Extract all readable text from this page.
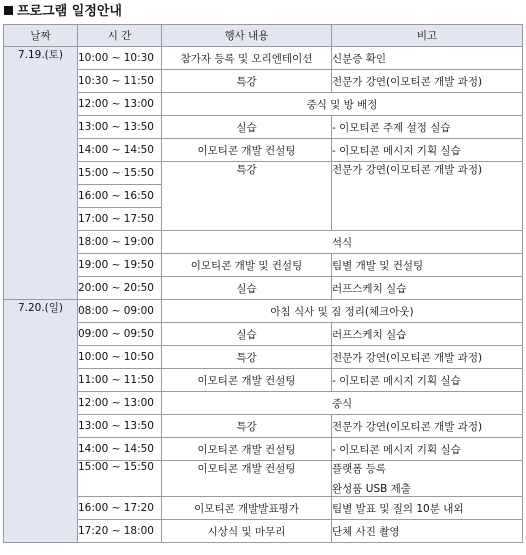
프로그램 일정안내
날짜	시 간	행사 내용	비고
7.19.(토)	10:00 ~ 10:30	참가자 등록 및 오리엔테이션	신분증 확인
	10:30 ~ 11:50	특강	전문가 강연(이모티콘 개발 과정)
	12:00 ~ 13:00	중식 및 방 배정	
	13:00 ~ 13:50	실습	- 이모티콘 주제 설정 실습
	14:00 ~ 14:50	이모티콘 개발 컨설팅	- 이모티콘 메시지 기획 실습
	15:00 ~ 15:50	특강	전문가 강연(이모티콘 개발 과정)
	16:00 ~ 16:50		
	17:00 ~ 17:50		
	18:00 ~ 19:00	석식	
	19:00 ~ 19:50	이모티콘 개발 및 컨설팅	팀별 개발 및 컨설팅
	20:00 ~ 20:50	실습	러프스케치 실습
7.20.(일)	08:00 ~ 09:00	아침 식사 및 짐 정리(체크아웃)	
	09:00 ~ 09:50	실습	러프스케치 실습
	10:00 ~ 10:50	특강	전문가 강연(이모티콘 개발 과정)
	11:00 ~ 11:50	이모티콘 개발 컨설팅	- 이모티콘 메시지 기획 실습
	12:00 ~ 13:00	중식	
	13:00 ~ 13:50	특강	전문가 강연(이모티콘 개발 과정)
	14:00 ~ 14:50	이모티콘 개발 컨설팅	- 이모티콘 메시지 기획 실습
	15:00 ~ 15:50	이모티콘 개발 컨설팅	플랫폼 등록
완성품 USB 제출

	16:00 ~ 17:20	이모티콘 개발발표평가	팀별 발표 및 질의 10분 내외
	17:20 ~ 18:00	시상식 및 마무리	단체 사진 촬영
